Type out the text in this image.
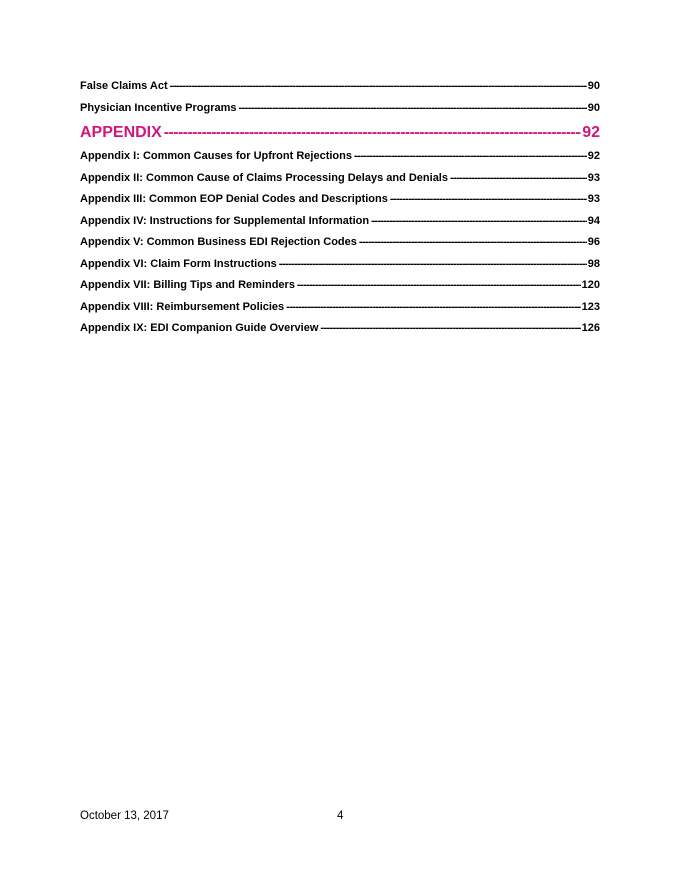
False Claims Act -----	90
Physician Incentive Programs -----	90
APPENDIX -----	92
Appendix I: Common Causes for Upfront Rejections -----	92
Appendix II: Common Cause of Claims Processing Delays and Denials -----	93
Appendix III: Common EOP Denial Codes and Descriptions -----	93
Appendix IV: Instructions for Supplemental Information -----	94
Appendix V: Common Business EDI Rejection Codes -----	96
Appendix VI: Claim Form Instructions -----	98
Appendix VII: Billing Tips and Reminders -----	120
Appendix VIII: Reimbursement Policies -----	123
Appendix IX: EDI Companion Guide Overview -----	126
October 13, 2017	4
